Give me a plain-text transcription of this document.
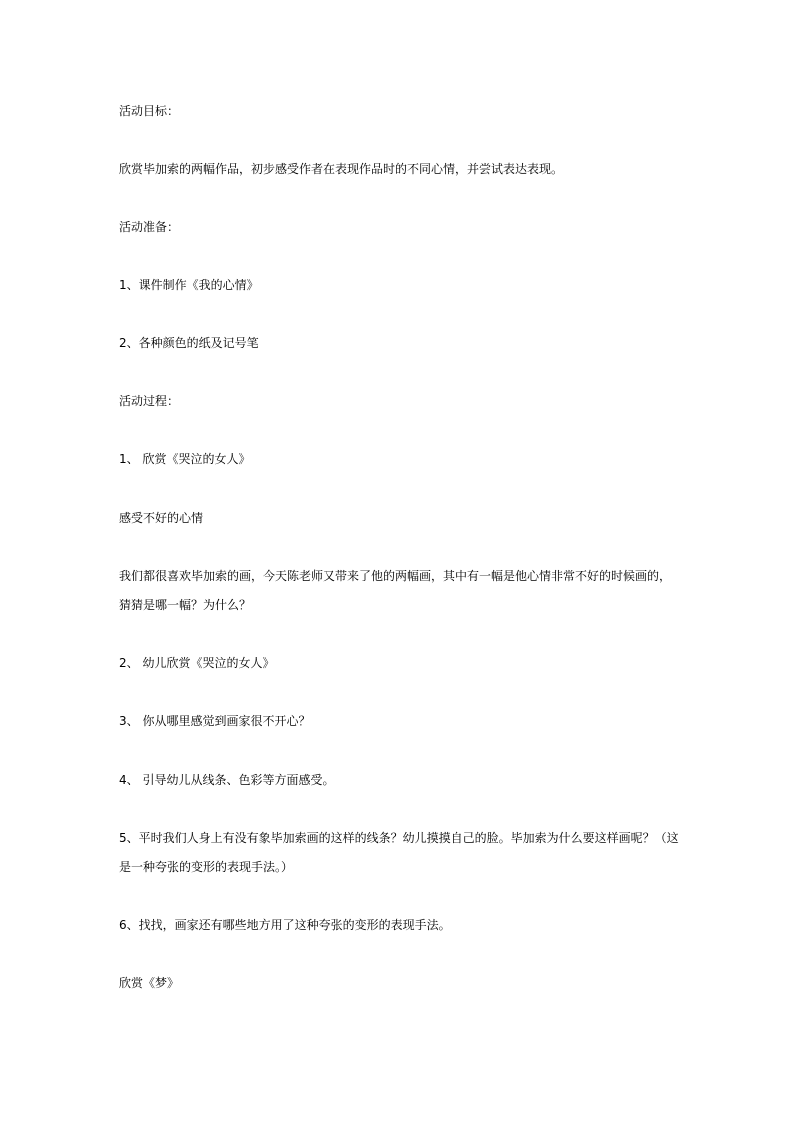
活动目标：
欣赏毕加索的两幅作品，初步感受作者在表现作品时的不同心情，并尝试表达表现。
活动准备：
1、课件制作《我的心情》
2、各种颜色的纸及记号笔
活动过程：
1、 欣赏《哭泣的女人》
感受不好的心情
我们都很喜欢毕加索的画，今天陈老师又带来了他的两幅画，其中有一幅是他心情非常不好的时候画的，
猜猜是哪一幅？为什么？
2、 幼儿欣赏《哭泣的女人》
3、 你从哪里感觉到画家很不开心？
4、 引导幼儿从线条、色彩等方面感受。
5、平时我们人身上有没有象毕加索画的这样的线条？幼儿摸摸自己的脸。毕加索为什么要这样画呢？（这
是一种夸张的变形的表现手法。）
6、找找，画家还有哪些地方用了这种夸张的变形的表现手法。
欣赏《梦》
